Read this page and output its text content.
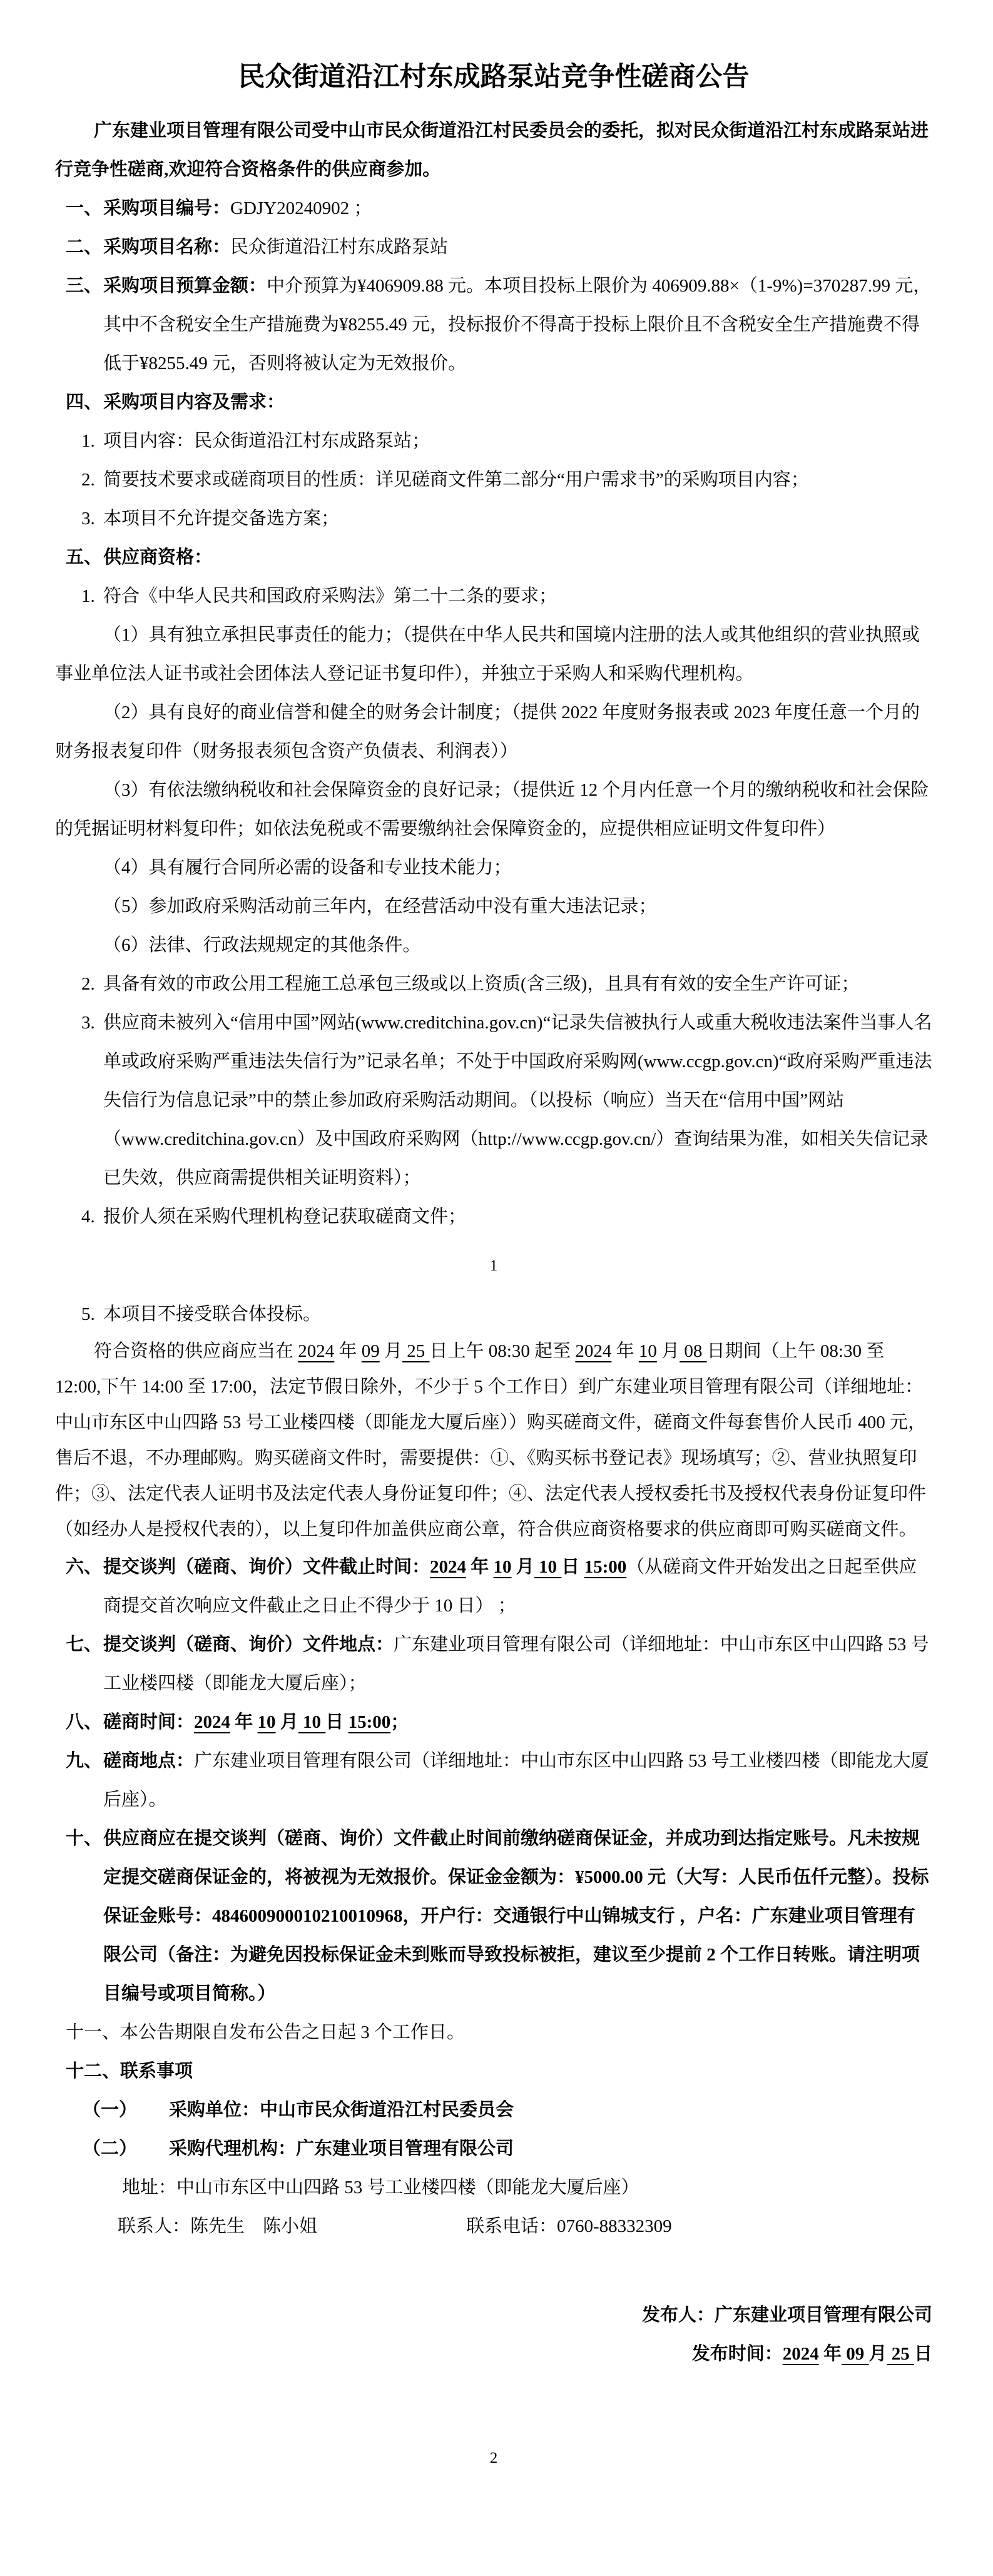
民众街道沿江村东成路泵站竞争性磋商公告

广东建业项目管理有限公司受中山市民众街道沿江村民委员会的委托，拟对民众街道沿江村东成路泵站进行竞争性磋商,欢迎符合资格条件的供应商参加。

一、 采购项目编号：GDJY20240902 ；
二、 采购项目名称：民众街道沿江村东成路泵站
三、 采购项目预算金额：中介预算为¥406909.88 元。本项目投标上限价为 406909.88×（1-9%)=370287.99 元，其中不含税安全生产措施费为¥8255.49 元，投标报价不得高于投标上限价且不含税安全生产措施费不得低于¥8255.49 元，否则将被认定为无效报价。
四、 采购项目内容及需求：
1. 项目内容：民众街道沿江村东成路泵站；
2. 简要技术要求或磋商项目的性质：详见磋商文件第二部分“用户需求书”的采购项目内容；
3. 本项目不允许提交备选方案；
五、 供应商资格：
1. 符合《中华人民共和国政府采购法》第二十二条的要求；

（1）具有独立承担民事责任的能力；（提供在中华人民共和国境内注册的法人或其他组织的营业执照或事业单位法人证书或社会团体法人登记证书复印件），并独立于采购人和采购代理机构。

（2）具有良好的商业信誉和健全的财务会计制度；（提供 2022 年度财务报表或 2023 年度任意一个月的财务报表复印件（财务报表须包含资产负债表、利润表））

（3）有依法缴纳税收和社会保障资金的良好记录；（提供近 12 个月内任意一个月的缴纳税收和社会保险的凭据证明材料复印件；如依法免税或不需要缴纳社会保障资金的，应提供相应证明文件复印件）

（4）具有履行合同所必需的设备和专业技术能力；

（5）参加政府采购活动前三年内，在经营活动中没有重大违法记录；

（6）法律、行政法规规定的其他条件。

2. 具备有效的市政公用工程施工总承包三级或以上资质(含三级)，且具有有效的安全生产许可证；
3. 供应商未被列入“信用中国”网站(www.creditchina.gov.cn)“记录失信被执行人或重大税收违法案件当事人名单或政府采购严重违法失信行为”记录名单；不处于中国政府采购网(www.ccgp.gov.cn)“政府采购严重违法失信行为信息记录”中的禁止参加政府采购活动期间。（以投标（响应）当天在“信用中国”网站（www.creditchina.gov.cn）及中国政府采购网（http://www.ccgp.gov.cn/）查询结果为准，如相关失信记录已失效，供应商需提供相关证明资料）；
4. 报价人须在采购代理机构登记获取磋商文件；
1
5. 本项目不接受联合体投标。

符合资格的供应商应当在 2024 年 09 月 25 日上午 08:30 起至 2024 年 10 月 08 日期间（上午 08:30 至 12:00,下午 14:00 至 17:00，法定节假日除外，不少于 5 个工作日）到广东建业项目管理有限公司（详细地址：中山市东区中山四路 53 号工业楼四楼（即能龙大厦后座））购买磋商文件，磋商文件每套售价人民币 400 元，售后不退，不办理邮购。购买磋商文件时，需要提供：①、《购买标书登记表》现场填写；②、营业执照复印件；③、法定代表人证明书及法定代表人身份证复印件；④、法定代表人授权委托书及授权代表身份证复印件（如经办人是授权代表的），以上复印件加盖供应商公章，符合供应商资格要求的供应商即可购买磋商文件。

六、 提交谈判（磋商、询价）文件截止时间：2024 年 10 月 10 日 15:00（从磋商文件开始发出之日起至供应商提交首次响应文件截止之日止不得少于 10 日） ；
七、 提交谈判（磋商、询价）文件地点：广东建业项目管理有限公司（详细地址：中山市东区中山四路 53 号工业楼四楼（即能龙大厦后座）；
八、 磋商时间：2024 年 10 月 10 日 15:00；
九、 磋商地点：广东建业项目管理有限公司（详细地址：中山市东区中山四路 53 号工业楼四楼（即能龙大厦后座）。
十、 供应商应在提交谈判（磋商、询价）文件截止时间前缴纳磋商保证金，并成功到达指定账号。凡未按规定提交磋商保证金的，将被视为无效报价。保证金金额为：¥5000.00 元（大写：人民币伍仟元整）。投标保证金账号：484600900010210010968，开户行：交通银行中山锦城支行 ，户名：广东建业项目管理有限公司（备注：为避免因投标保证金未到账而导致投标被拒，建议至少提前 2 个工作日转账。请注明项目编号或项目简称。）

十一、本公告期限自发布公告之日起 3 个工作日。

十二、联系事项

（一）	采购单位：中山市民众街道沿江村民委员会
（二）	采购代理机构：广东建业项目管理有限公司

地址：中山市东区中山四路 53 号工业楼四楼（即能龙大厦后座）

联系人：陈先生　陈小姐	联系电话：0760-88332309

发布人：广东建业项目管理有限公司

发布时间：2024 年 09 月 25 日

2
